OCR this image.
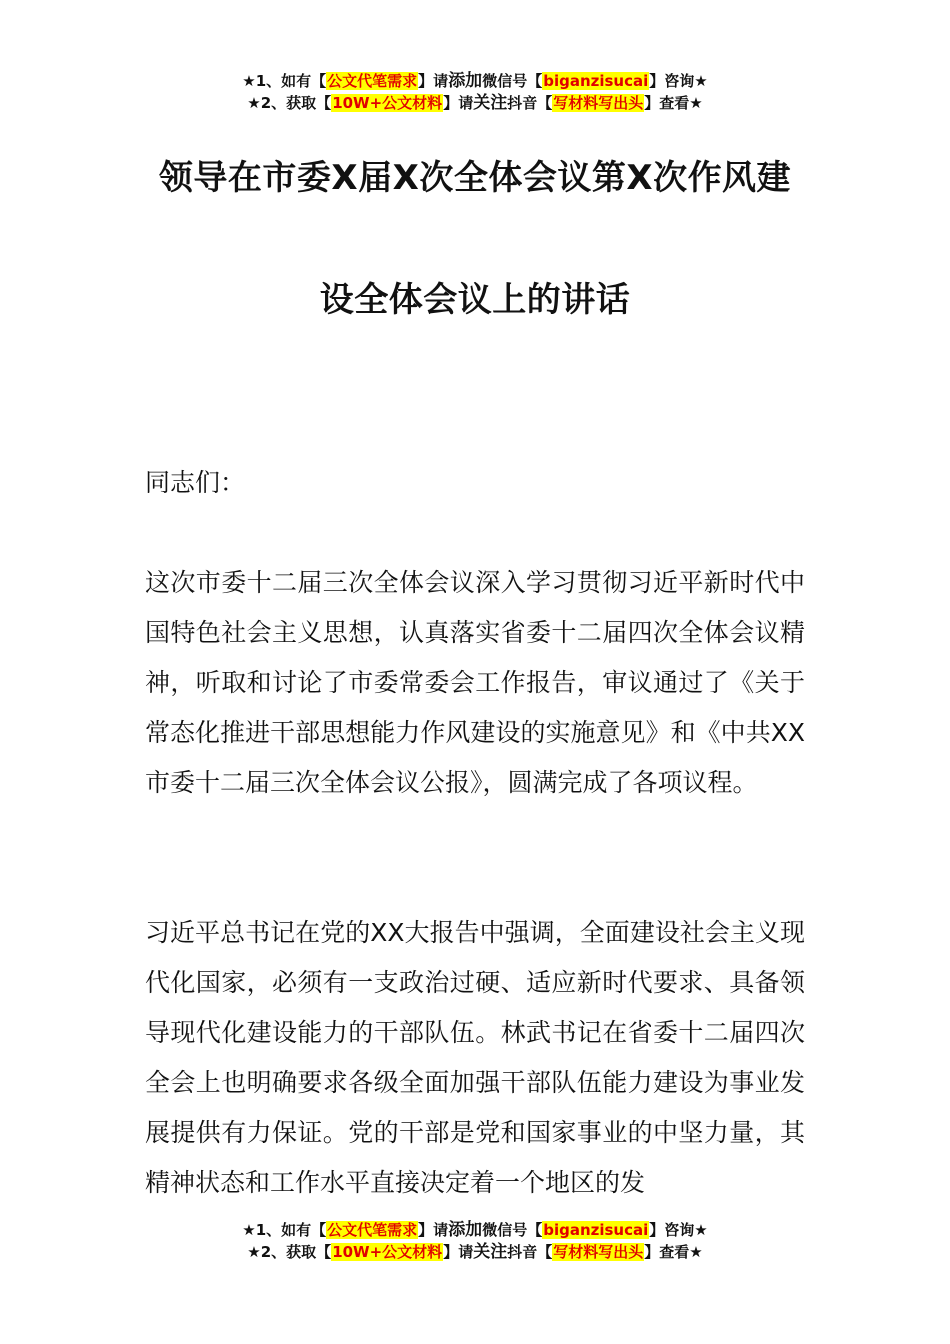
★1、如有【公文代笔需求】请添加微信号【biganzisucai】咨询★
★2、获取【10W+公文材料】请关注抖音【写材料写出头】查看★
领导在市委X届X次全体会议第X次作风建
设全体会议上的讲话
同志们：
这次市委十二届三次全体会议深入学习贯彻习近平新时代中国特色社会主义思想，认真落实省委十二届四次全体会议精神，听取和讨论了市委常委会工作报告，审议通过了《关于常态化推进干部思想能力作风建设的实施意见》和《中共XX市委十二届三次全体会议公报》，圆满完成了各项议程。
习近平总书记在党的XX大报告中强调，全面建设社会主义现代化国家，必须有一支政治过硬、适应新时代要求、具备领导现代化建设能力的干部队伍。林武书记在省委十二届四次全会上也明确要求各级全面加强干部队伍能力建设为事业发展提供有力保证。党的干部是党和国家事业的中坚力量，其精神状态和工作水平直接决定着一个地区的发
★1、如有【公文代笔需求】请添加微信号【biganzisucai】咨询★
★2、获取【10W+公文材料】请关注抖音【写材料写出头】查看★
